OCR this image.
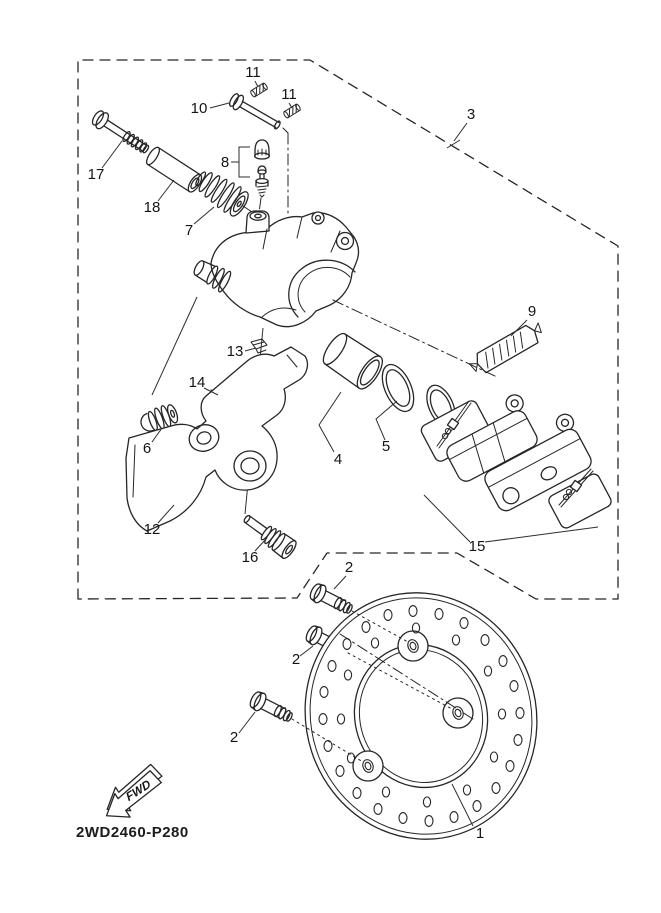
FWD
2WD2460-P280
17
18
7
10
11
11
8
3
9
13
14
6
12
16
4
5
15
1
2
2
2
